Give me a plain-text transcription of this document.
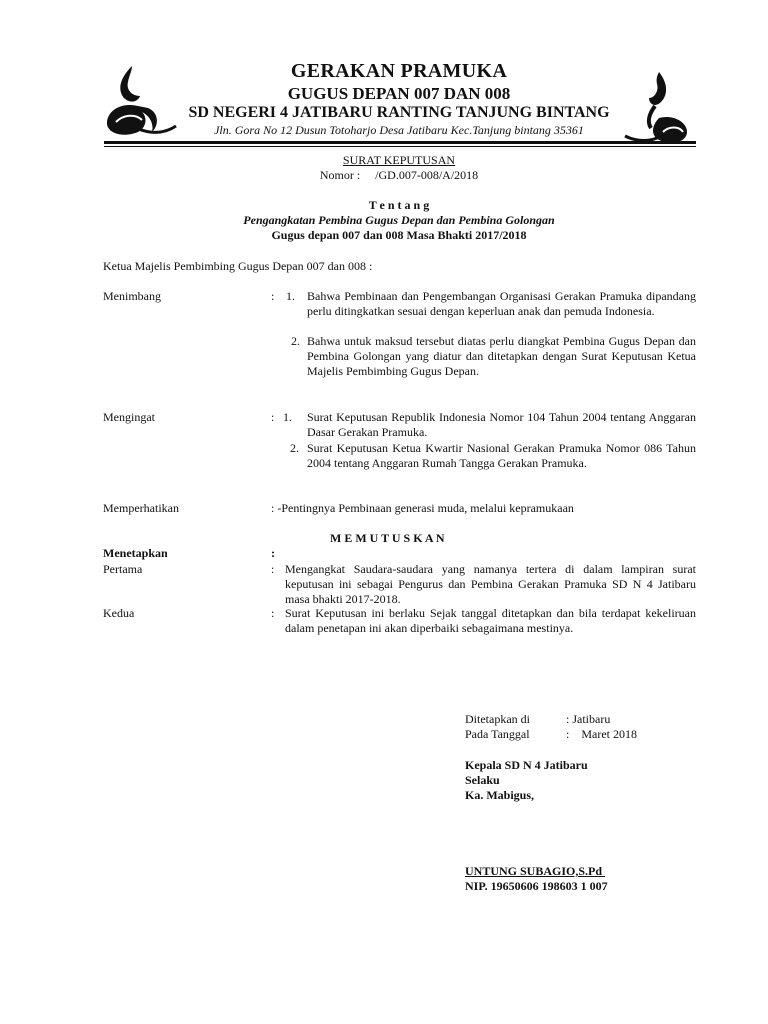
GERAKAN PRAMUKA
GUGUS DEPAN 007 DAN 008
SD NEGERI 4 JATIBARU RANTING TANJUNG BINTANG
Jln. Gora No 12 Dusun Totoharjo Desa Jatibaru Kec.Tanjung bintang 35361
SURAT KEPUTUSAN
Nomor :     /GD.007-008/A/2018
T e n t a n g
Pengangkatan Pembina Gugus Depan dan Pembina Golongan
Gugus depan 007 dan 008 Masa Bhakti 2017/2018
Ketua Majelis Pembimbing Gugus Depan 007 dan 008 :
Menimbang	: 1. Bahwa Pembinaan dan Pengembangan Organisasi Gerakan Pramuka dipandang perlu ditingkatkan sesuai dengan keperluan anak dan pemuda Indonesia.
2. Bahwa untuk maksud tersebut diatas perlu diangkat Pembina Gugus Depan dan Pembina Golongan yang diatur dan ditetapkan dengan Surat Keputusan Ketua Majelis Pembimbing Gugus Depan.
Mengingat	: 1. Surat Keputusan Republik Indonesia Nomor 104 Tahun 2004 tentang Anggaran Dasar Gerakan Pramuka.
2. Surat Keputusan Ketua Kwartir Nasional Gerakan Pramuka Nomor 086 Tahun 2004 tentang Anggaran Rumah Tangga Gerakan Pramuka.
Memperhatikan	: -Pentingnya Pembinaan generasi muda, melalui kepramukaan
M E M U T U S K A N
Menetapkan	:
Pertama	: Mengangkat Saudara-saudara yang namanya tertera di dalam lampiran surat keputusan ini sebagai Pengurus dan Pembina Gerakan Pramuka SD N 4 Jatibaru masa bhakti 2017-2018.
Kedua	: Surat Keputusan ini berlaku Sejak tanggal ditetapkan dan bila terdapat kekeliruan dalam penetapan ini akan diperbaiki sebagaimana mestinya.
Ditetapkan di	: Jatibaru
Pada Tanggal	:    Maret 2018
Kepala SD N 4 Jatibaru
Selaku
Ka. Mabigus,
UNTUNG SUBAGIO,S.Pd
NIP. 19650606 198603 1 007
